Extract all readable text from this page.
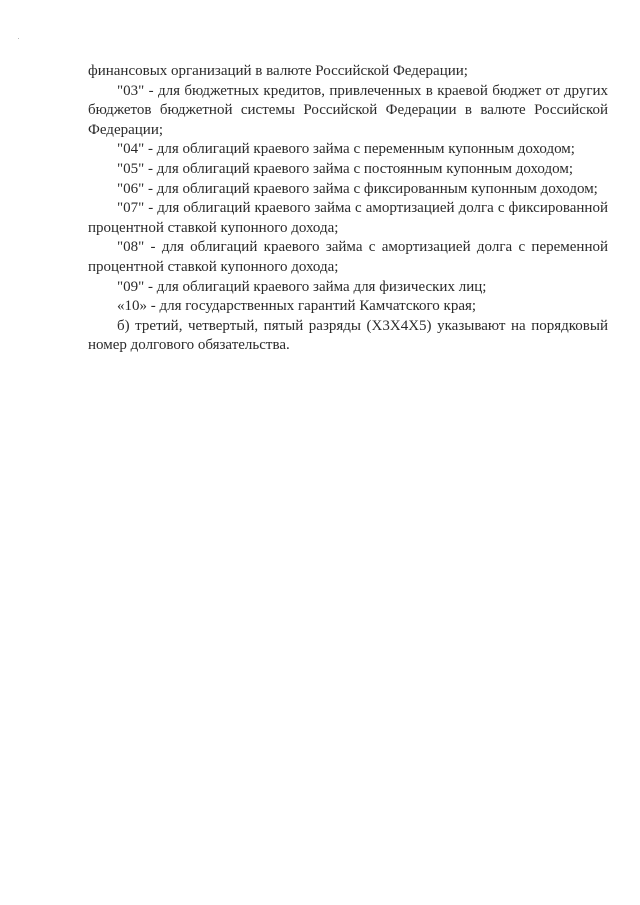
финансовых организаций в валюте Российской Федерации;

"03" - для бюджетных кредитов, привлеченных в краевой бюджет от других бюджетов бюджетной системы Российской Федерации в валюте Российской Федерации;

"04" - для облигаций краевого займа с переменным купонным доходом;

"05" - для облигаций краевого займа с постоянным купонным доходом;

"06" - для облигаций краевого займа с фиксированным купонным доходом;

"07" - для облигаций краевого займа с амортизацией долга с фиксированной процентной ставкой купонного дохода;

"08" - для облигаций краевого займа с амортизацией долга с переменной процентной ставкой купонного дохода;

"09" - для облигаций краевого займа для физических лиц;

«10» - для государственных гарантий Камчатского края;

б) третий, четвертый, пятый разряды (X3X4X5) указывают на порядковый номер долгового обязательства.
